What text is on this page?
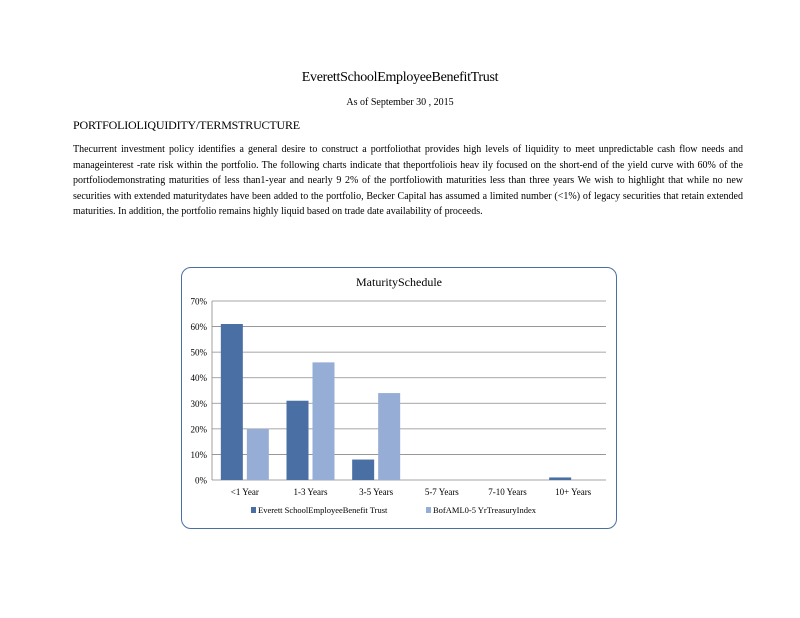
EverettSchoolEmployeeBenefitTrust
As of September 30 , 2015
PORTFOLIOLIQUIDITY/TERMSTRUCTURE
Thecurrent investment policy identifies a general desire to construct a portfoliothat provides high levels of liquidity to meet unpredictable cash flow needs and manageinterest -rate risk within the portfolio. The following charts indicate that theportfoliois heav ily focused on the short-end of the yield curve with 60% of the portfoliodemonstrating maturities of less than1-year and nearly 9 2% of the portfoliowith maturities less than three years We wish to highlight that while no new securities with extended maturitydates have been added to the portfolio, Becker Capital has assumed a limited number (<1%) of legacy securities that retain extended maturities. In addition, the portfolio remains highly liquid based on trade date availability of proceeds.
MaturitySchedule
0%
10%
20%
30%
40%
50%
60%
70%
<1 Year	1-3 Years	3-5 Years	5-7 Years	7-10 Years	10+ Years
Everett SchoolEmployeeBenefit Trust	BofAML0-5 YrTreasuryIndex
